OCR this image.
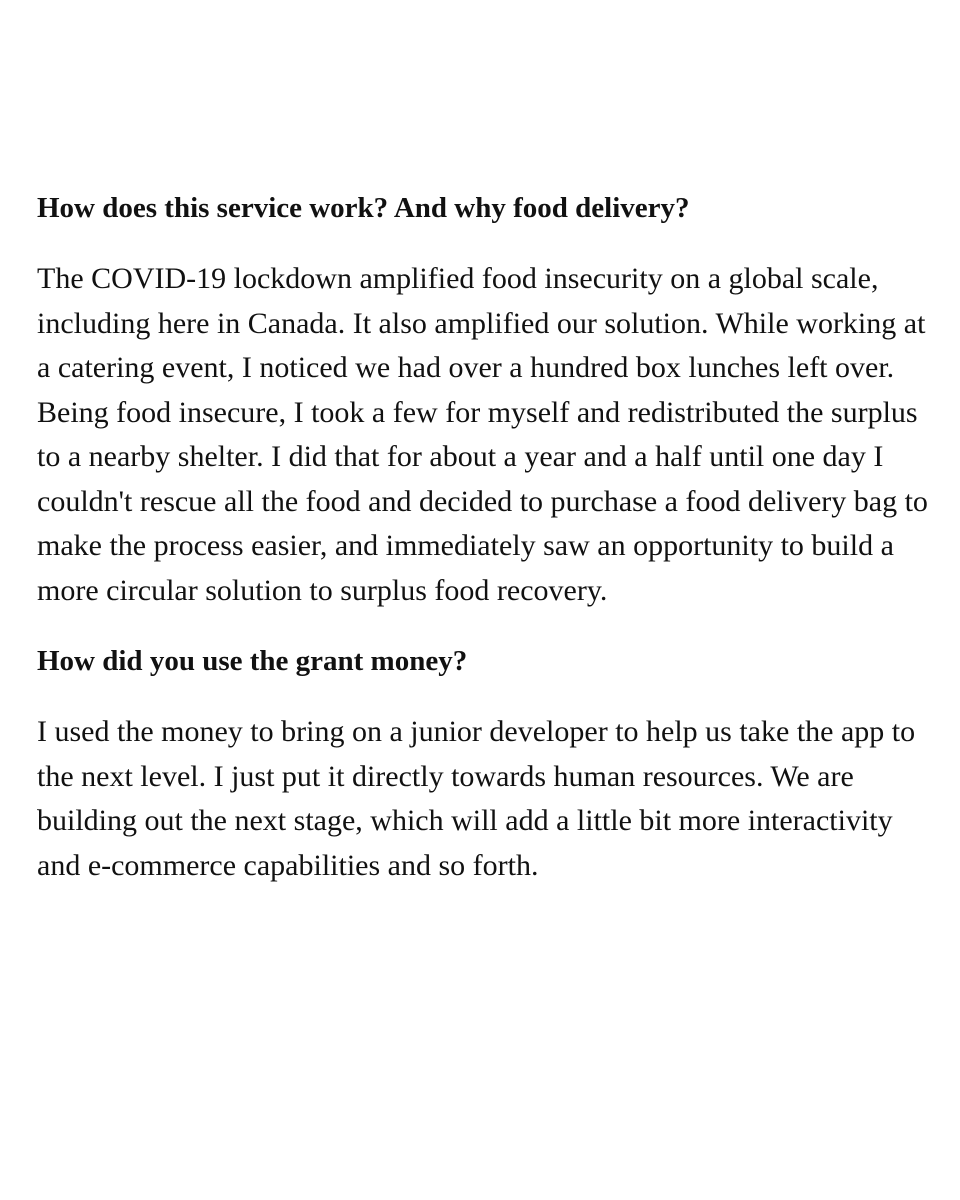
How does this service work? And why food delivery?

The COVID-19 lockdown amplified food insecurity on a global scale, including here in Canada. It also amplified our solution. While working at a catering event, I noticed we had over a hundred box lunches left over. Being food insecure, I took a few for myself and redistributed the surplus to a nearby shelter. I did that for about a year and a half until one day I couldn't rescue all the food and decided to purchase a food delivery bag to make the process easier, and immediately saw an opportunity to build a more circular solution to surplus food recovery.

How did you use the grant money?

I used the money to bring on a junior developer to help us take the app to the next level. I just put it directly towards human resources. We are building out the next stage, which will add a little bit more interactivity and e-commerce capabilities and so forth.
